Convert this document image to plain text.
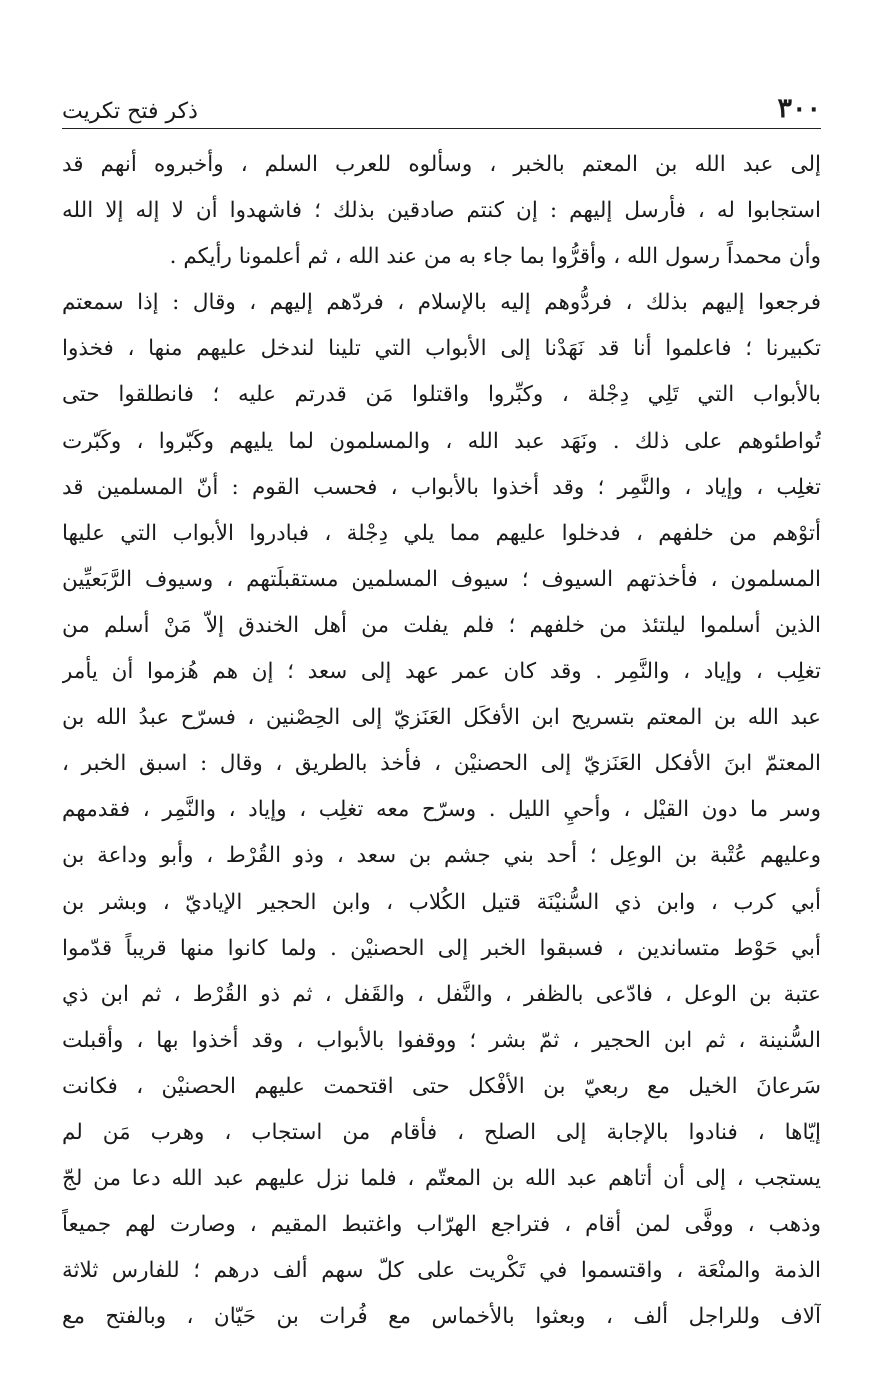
٣٠٠
ذكر فتح تكريت
إلى عبد الله بن المعتم بالخبر ، وسألوه للعرب السلم ، وأخبروه أنهم قد
استجابوا له ، فأرسل إليهم : إن كنتم صادقين بذلك ؛ فاشهدوا أن لا إله إلا الله
وأن محمداً رسول الله ، وأقرُّوا بما جاء به من عند الله ، ثم أعلمونا رأيكم .
فرجعوا إليهم بذلك ، فردُّوهم إليه بالإسلام ، فردّهم إليهم ، وقال : إذا سمعتم
تكبيرنا ؛ فاعلموا أنا قد نَهَدْنا إلى الأبواب التي تلينا لندخل عليهم منها ، فخذوا
بالأبواب التي تَلِي دِجْلة ، وكبِّروا واقتلوا مَن قدرتم عليه ؛ فانطلقوا حتى
تُواطئوهم على ذلك . ونَهَد عبد الله ، والمسلمون لما يليهم وكَبّروا ، وكَبّرت
تغلِب ، وإياد ، والنَّمِر ؛ وقد أخذوا بالأبواب ، فحسب القوم : أنّ المسلمين قد
أتوْهم من خلفهم ، فدخلوا عليهم مما يلي دِجْلة ، فبادروا الأبواب التي عليها
المسلمون ، فأخذتهم السيوف ؛ سيوف المسلمين مستقبلَتهم ، وسيوف الرَّبَعيِّين
الذين أسلموا ليلتئذ من خلفهم ؛ فلم يفلت من أهل الخندق إلاّ مَنْ أسلم من
تغلِب ، وإياد ، والنَّمِر . وقد كان عمر عهد إلى سعد ؛ إن هم هُزموا أن يأمر
عبد الله بن المعتم بتسريح ابن الأفكَل العَنَزيّ إلى الحِصْنين ، فسرّح عبدُ الله بن
المعتمّ ابنَ الأفكل العَنَزيّ إلى الحصنيْن ، فأخذ بالطريق ، وقال : اسبق الخبر ،
وسر ما دون القيْل ، وأحيِ الليل . وسرّح معه تغلِب ، وإياد ، والنَّمِر ، فقدمهم
وعليهم عُتْبة بن الوعِل ؛ أحد بني جشم بن سعد ، وذو القُرْط ، وأبو وداعة بن
أبي كرب ، وابن ذي السُّنيْنَة قتيل الكُلاب ، وابن الحجير الإياديّ ، وبشر بن
أبي حَوْط متساندين ، فسبقوا الخبر إلى الحصنيْن . ولما كانوا منها قريباً قدّموا
عتبة بن الوعل ، فادّعى بالظفر ، والنَّفل ، والقَفل ، ثم ذو القُرْط ، ثم ابن ذي
السُّنينة ، ثم ابن الحجير ، ثمّ بشر ؛ ووقفوا بالأبواب ، وقد أخذوا بها ، وأقبلت
سَرعانَ الخيل مع ربعيّ بن الأفْكل حتى اقتحمت عليهم الحصنيْن ، فكانت
إيّاها ، فنادوا بالإجابة إلى الصلح ، فأقام من استجاب ، وهرب مَن لم
يستجب ، إلى أن أتاهم عبد الله بن المعتّم ، فلما نزل عليهم عبد الله دعا من لجّ
وذهب ، ووفَّى لمن أقام ، فتراجع الهرّاب واغتبط المقيم ، وصارت لهم جميعاً
الذمة والمنْعَة ، واقتسموا في تَكْريت على كلّ سهم ألف درهم ؛ للفارس ثلاثة
آلاف وللراجل ألف ، وبعثوا بالأخماس مع فُرات بن حَيّان ، وبالفتح مع
